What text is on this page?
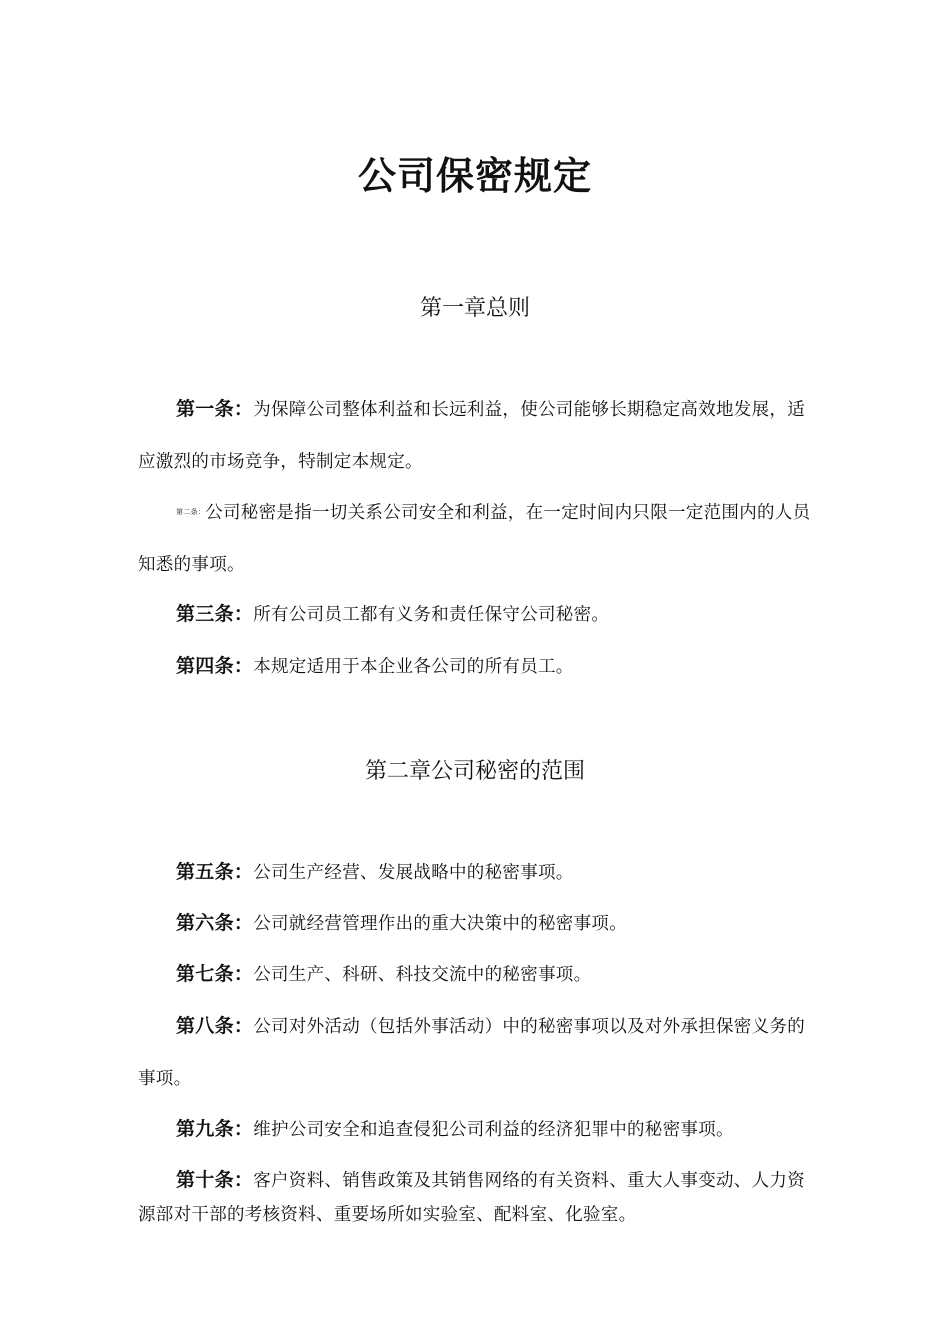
公司保密规定
第一章总则
第一条：为保障公司整体利益和长远利益，使公司能够长期稳定高效地发展，适应激烈的市场竞争，特制定本规定。
$^{第二条:}$公司秘密是指一切关系公司安全和利益，在一定时间内只限一定范围内的人员知悉的事项。
第三条：所有公司员工都有义务和责任保守公司秘密。
第四条：本规定适用于本企业各公司的所有员工。
第二章公司秘密的范围
第五条：公司生产经营、发展战略中的秘密事项。
第六条：公司就经营管理作出的重大决策中的秘密事项。
第七条：公司生产、科研、科技交流中的秘密事项。
第八条：公司对外活动（包括外事活动）中的秘密事项以及对外承担保密义务的事项。
第九条：维护公司安全和追查侵犯公司利益的经济犯罪中的秘密事项。
第十条：客户资料、销售政策及其销售网络的有关资料、重大人事变动、人力资源部对干部的考核资料、重要场所如实验室、配料室、化验室。
